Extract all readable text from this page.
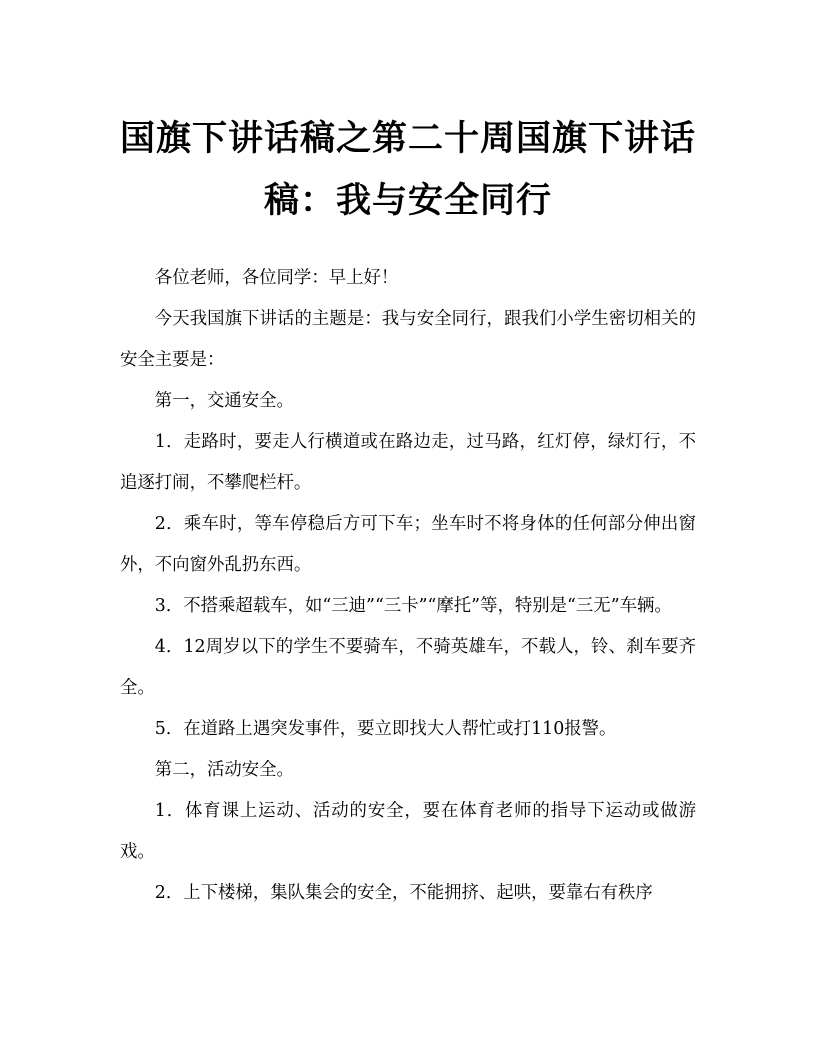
国旗下讲话稿之第二十周国旗下讲话稿：我与安全同行

各位老师，各位同学：早上好！

今天我国旗下讲话的主题是：我与安全同行，跟我们小学生密切相关的安全主要是：

第一，交通安全。

1．走路时，要走人行横道或在路边走，过马路，红灯停，绿灯行，不追逐打闹，不攀爬栏杆。

2．乘车时，等车停稳后方可下车；坐车时不将身体的任何部分伸出窗外，不向窗外乱扔东西。

3．不搭乘超载车，如“三迪”“三卡”“摩托”等，特别是“三无”车辆。

4．12周岁以下的学生不要骑车，不骑英雄车，不载人，铃、刹车要齐全。

5．在道路上遇突发事件，要立即找大人帮忙或打110报警。

第二，活动安全。

1．体育课上运动、活动的安全，要在体育老师的指导下运动或做游戏。

2．上下楼梯，集队集会的安全，不能拥挤、起哄，要靠右有秩序
